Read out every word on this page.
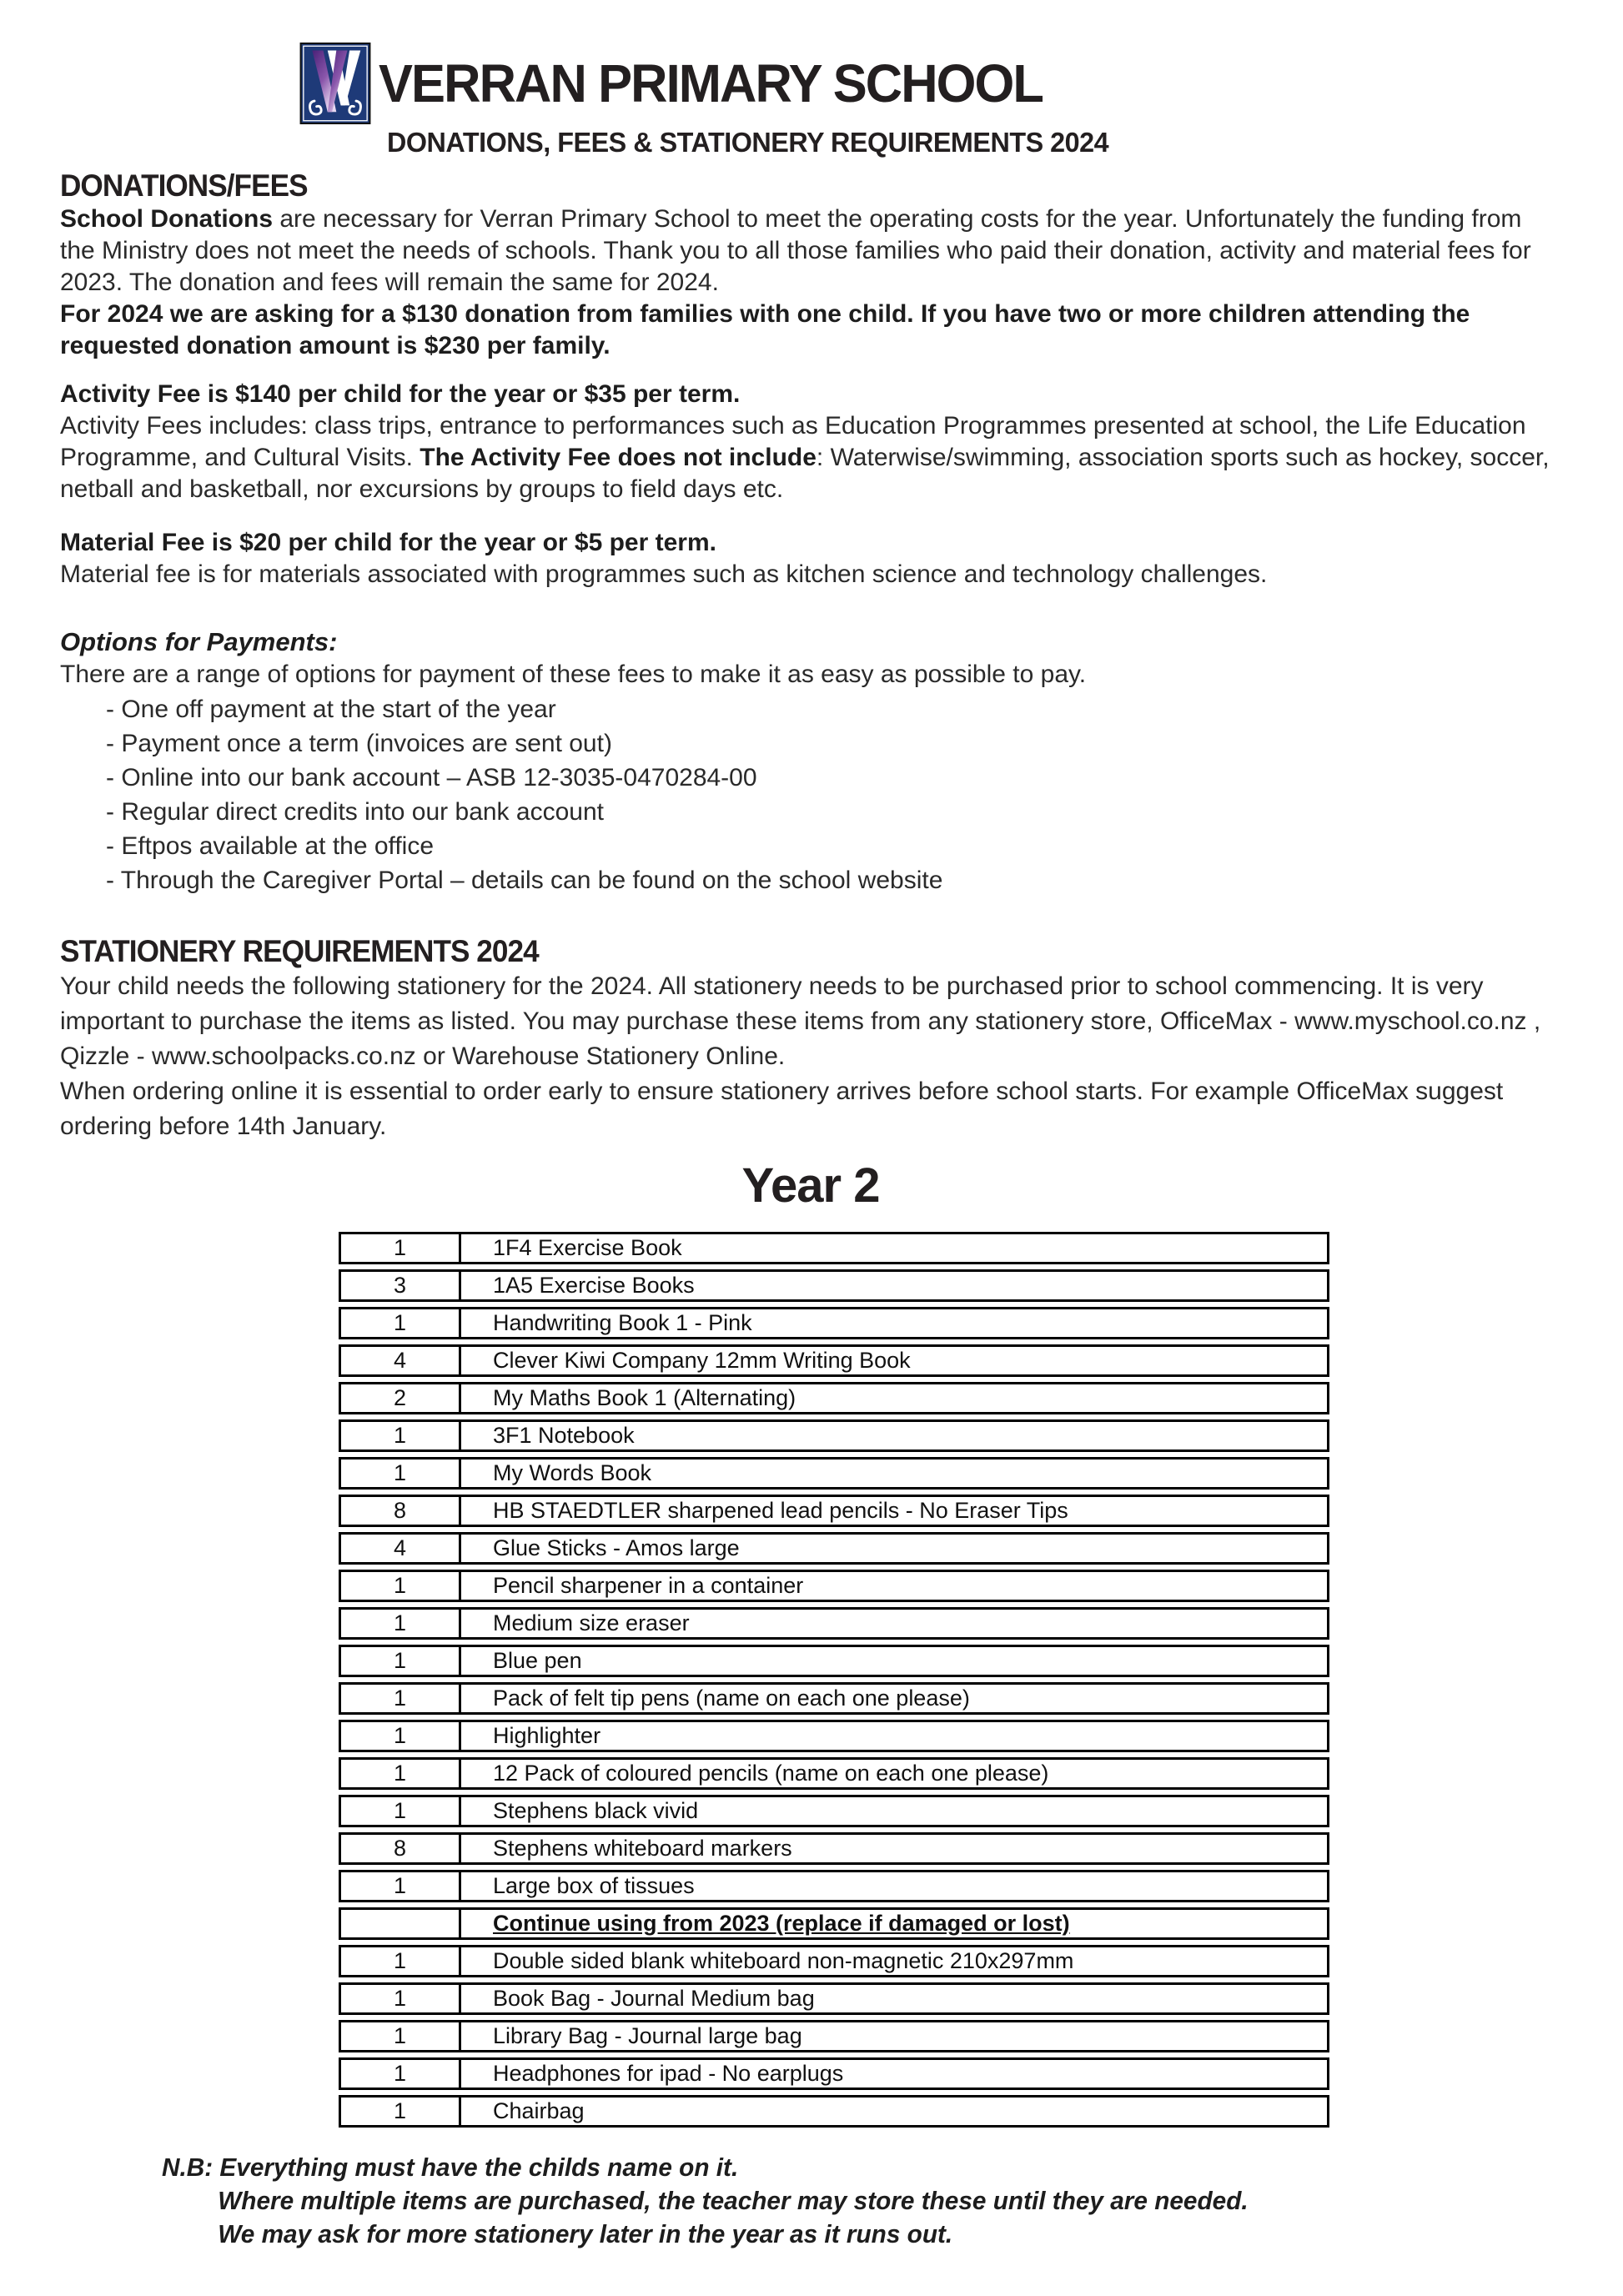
VERRAN PRIMARY SCHOOL
DONATIONS, FEES & STATIONERY REQUIREMENTS 2024
DONATIONS/FEES

School Donations are necessary for Verran Primary School to meet the operating costs for the year. Unfortunately the funding from the Ministry does not meet the needs of schools. Thank you to all those families who paid their donation, activity and material fees for 2023. The donation and fees will remain the same for 2024.

For 2024 we are asking for a $130 donation from families with one child. If you have two or more children attending the requested donation amount is $230 per family.

Activity Fee is $140 per child for the year or $35 per term.

Activity Fees includes: class trips, entrance to performances such as Education Programmes presented at school, the Life Education Programme, and Cultural Visits. The Activity Fee does not include: Waterwise/swimming, association sports such as hockey, soccer, netball and basketball, nor excursions by groups to field days etc.

Material Fee is $20 per child for the year or $5 per term.

Material fee is for materials associated with programmes such as kitchen science and technology challenges.

Options for Payments:

There are a range of options for payment of these fees to make it as easy as possible to pay.

- One off payment at the start of the year
- Payment once a term (invoices are sent out)
- Online into our bank account – ASB 12-3035-0470284-00
- Regular direct credits into our bank account
- Eftpos available at the office
- Through the Caregiver Portal – details can be found on the school website
STATIONERY REQUIREMENTS 2024

Your child needs the following stationery for the 2024. All stationery needs to be purchased prior to school commencing. It is very important to purchase the items as listed. You may purchase these items from any stationery store, OfficeMax - www.myschool.co.nz , Qizzle - www.schoolpacks.co.nz or Warehouse Stationery Online.

When ordering online it is essential to order early to ensure stationery arrives before school starts. For example OfficeMax suggest ordering before 14th January.

Year 2
1	1F4 Exercise Book
3	1A5 Exercise Books
1	Handwriting Book 1 - Pink
4	Clever Kiwi Company 12mm Writing Book
2	My Maths Book 1 (Alternating)
1	3F1 Notebook
1	My Words Book
8	HB STAEDTLER sharpened lead pencils - No Eraser Tips
4	Glue Sticks - Amos large
1	Pencil sharpener in a container
1	Medium size eraser
1	Blue pen
1	Pack of felt tip pens (name on each one please)
1	Highlighter
1	12 Pack of coloured pencils (name on each one please)
1	Stephens black vivid
8	Stephens whiteboard markers
1	Large box of tissues
Continue using from 2023 (replace if damaged or lost)
1	Double sided blank whiteboard non-magnetic 210x297mm
1	Book Bag - Journal Medium bag
1	Library Bag - Journal large bag
1	Headphones for ipad - No earplugs
1	Chairbag
N.B: Everything must have the childs name on it.
Where multiple items are purchased, the teacher may store these until they are needed.
We may ask for more stationery later in the year as it runs out.
